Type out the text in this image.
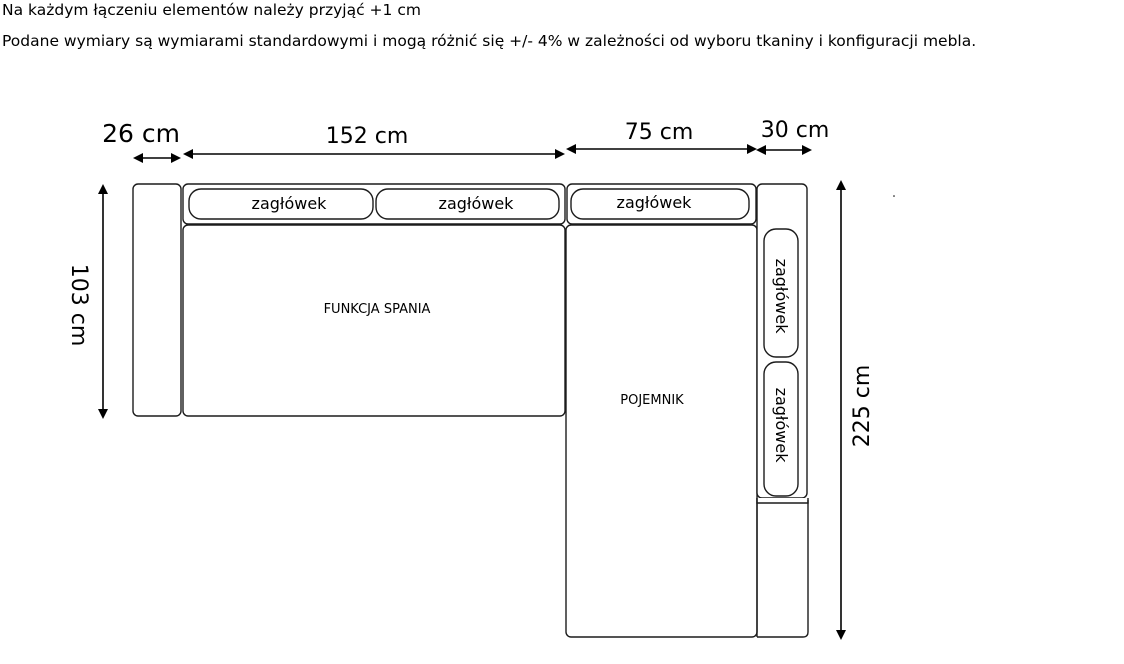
Na każdym łączeniu elementów należy przyjąć +1 cm

Podane wymiary są wymiarami standardowymi i mogą różnić się +/- 4% w zależności od wyboru tkaniny i konfiguracji mebla.

zagłówek	zagłówek	zagłówek
zagłówek
zagłówek
FUNKCJA SPANIA
POJEMNIK
26 cm	152 cm	75 cm	30 cm
103 cm
225 cm
